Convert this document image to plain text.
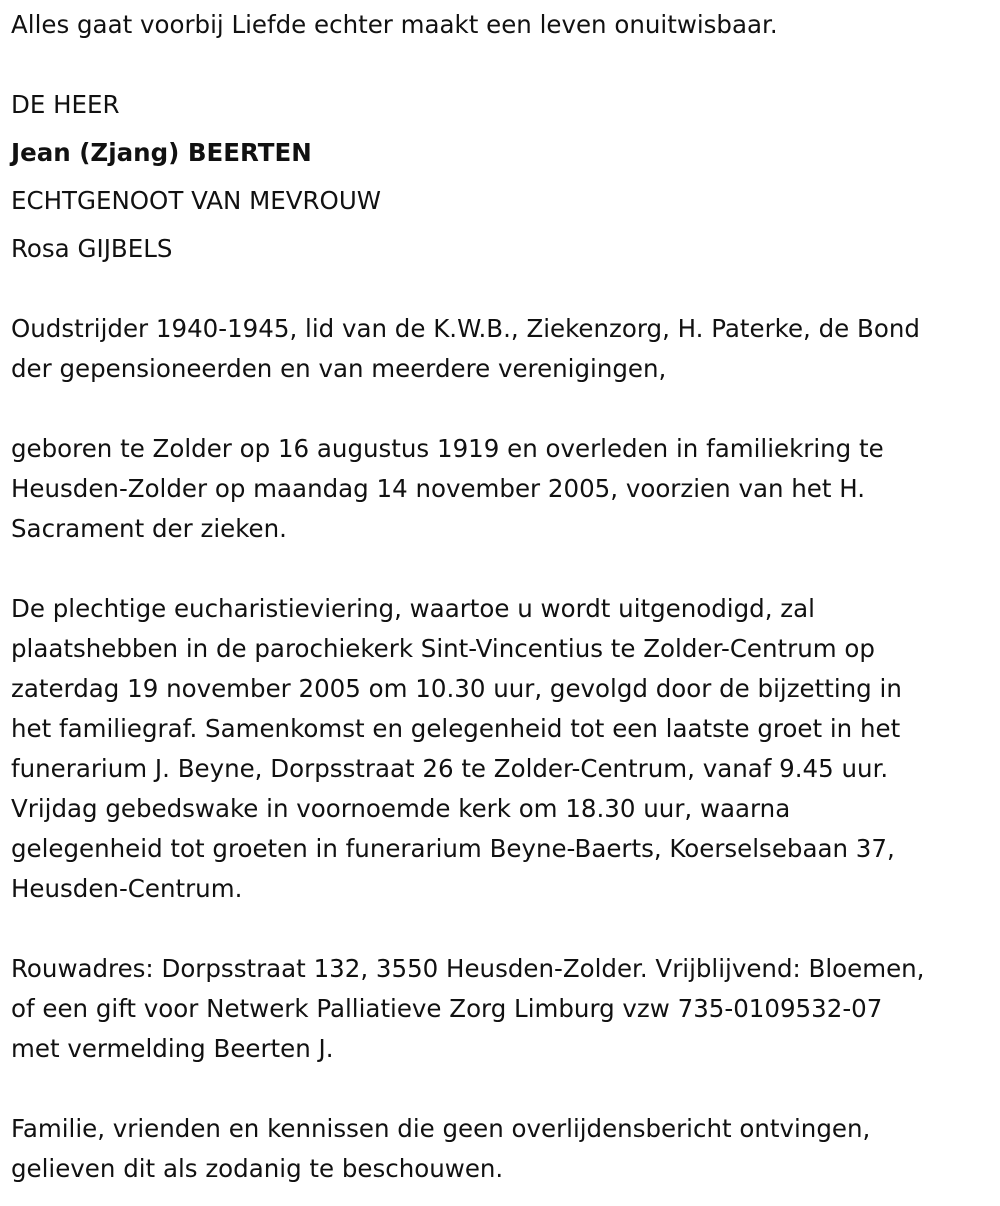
Alles gaat voorbij Liefde echter maakt een leven onuitwisbaar.
DE HEER
Jean (Zjang) BEERTEN
ECHTGENOOT VAN MEVROUW
Rosa GIJBELS
Oudstrijder 1940-1945, lid van de K.W.B., Ziekenzorg, H. Paterke, de Bond
der gepensioneerden en van meerdere verenigingen,
geboren te Zolder op 16 augustus 1919 en overleden in familiekring te
Heusden-Zolder op maandag 14 november 2005, voorzien van het H.
Sacrament der zieken.
De plechtige eucharistieviering, waartoe u wordt uitgenodigd, zal
plaatshebben in de parochiekerk Sint-Vincentius te Zolder-Centrum op
zaterdag 19 november 2005 om 10.30 uur, gevolgd door de bijzetting in
het familiegraf. Samenkomst en gelegenheid tot een laatste groet in het
funerarium J. Beyne, Dorpsstraat 26 te Zolder-Centrum, vanaf 9.45 uur.
Vrijdag gebedswake in voornoemde kerk om 18.30 uur, waarna
gelegenheid tot groeten in funerarium Beyne-Baerts, Koerselsebaan 37,
Heusden-Centrum.
Rouwadres: Dorpsstraat 132, 3550 Heusden-Zolder. Vrijblijvend: Bloemen,
of een gift voor Netwerk Palliatieve Zorg Limburg vzw 735-0109532-07
met vermelding Beerten J.
Familie, vrienden en kennissen die geen overlijdensbericht ontvingen,
gelieven dit als zodanig te beschouwen.
